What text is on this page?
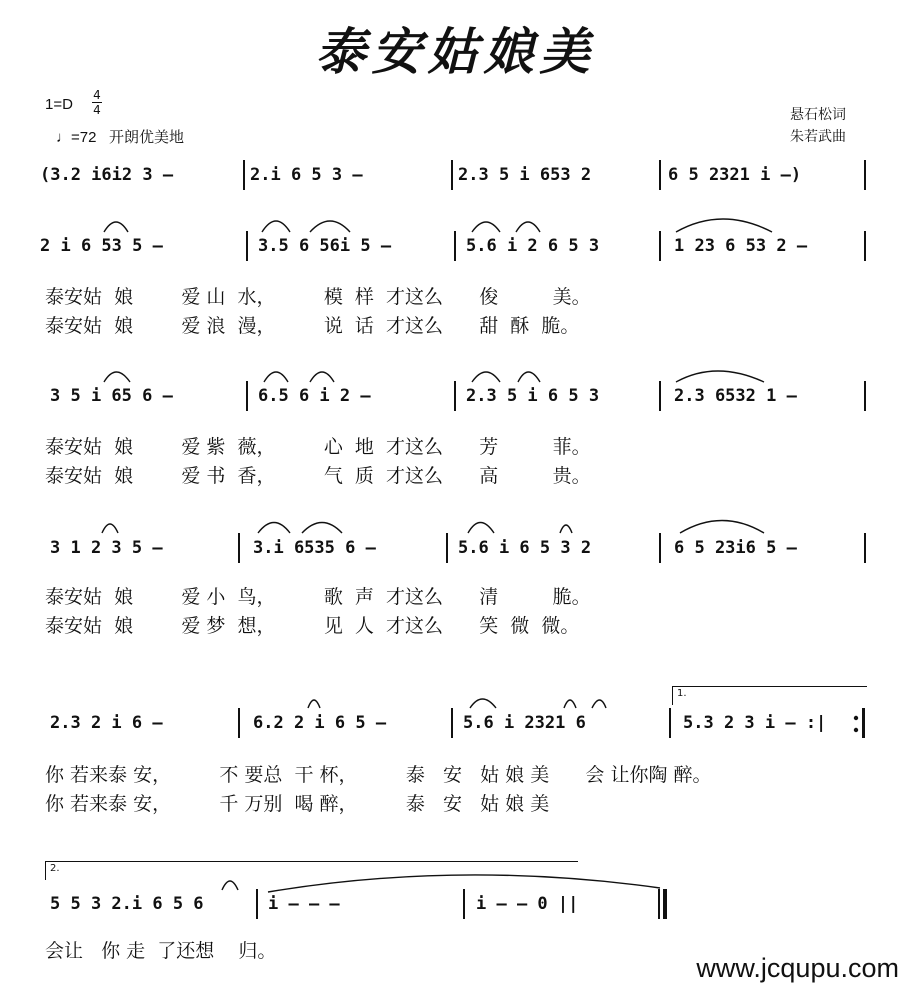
泰安姑娘美
1=D
4
4
♩=72 开朗优美地
悬石松词
朱若武曲
(3.2 i6i2 3 –	2.i 6 5 3 –	2.3 5 i 653 2	6 5 2321 i –)
2 i 6 53 5 –	3.5 6 56i 5 –	5.6 i 2 6 5 3	1 23 6 53 2 –
泰安姑  娘        爱 山  水，        模  样  才这么      俊         美。
泰安姑  娘        爱 浪  漫，        说  话  才这么      甜  酥  脆。
3 5 i 65 6 –	6.5 6 i 2 –	2.3 5 i 6 5 3	2.3 6532 1 –
泰安姑  娘        爱 紫  薇，        心  地  才这么      芳         菲。
泰安姑  娘        爱 书  香，        气  质  才这么      高         贵。
3 1 2 3 5 –	3.i 6535 6 –	5.6 i 6 5 3 2	6 5 23i6 5 –
泰安姑  娘        爱 小  鸟，        歌  声  才这么      清         脆。
泰安姑  娘        爱 梦  想，        见  人  才这么      笑  微  微。
2.3 2 i 6 –	6.2 2 i 6 5 –	5.6 i 2321 6	5.3 2 3 i – :|
你 若来泰 安，        不 要总  干 杯，        泰   安   姑 娘 美      会 让你陶 醉。
你 若来泰 安，        千 万别  喝 醉，        泰   安   姑 娘 美
5 5 3 2.i 6 5 6	i – – –	i – – 0 ||
会让   你 走  了还想    归。
1.
2.
www.jcqupu.com
